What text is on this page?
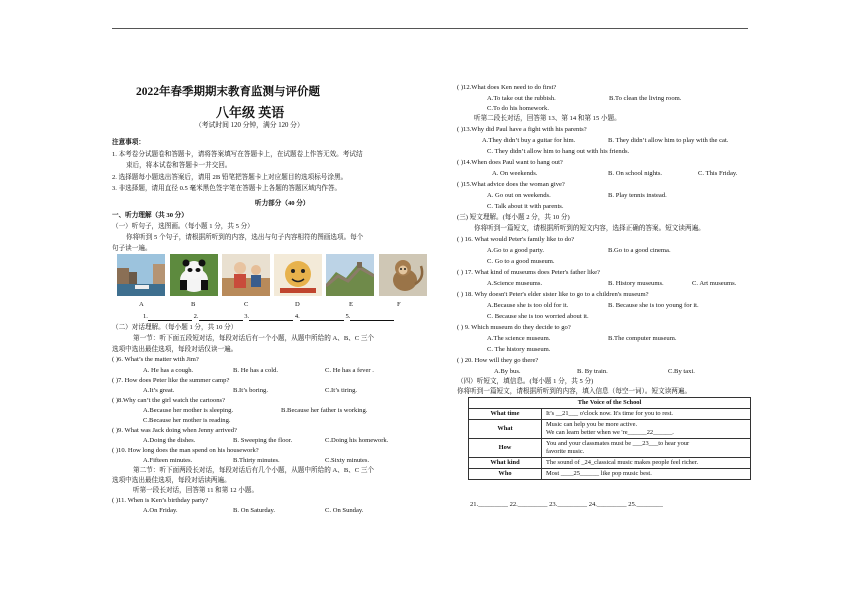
2022年春季期期末教育监测与评价题
八年级 英语
（考试时间 120 分钟，满分 120 分）
注意事项：
1. 本考卷分试题卷和答题卡，请将答案填写在答题卡上，在试题卷上作答无效。考试结
束后，将本试卷和答题卡一并交回。
2. 选择题每小题选出答案后，请用 2B 铅笔把答题卡上对应题目的选项标号涂黑。
3. 非选择题，请用直径 0.5 毫米黑色签字笔在答题卡上各题的答题区域内作答。
听力部分（40 分）
一、听力理解（共 30 分）
（一）听句子，选图画。（每小题 1 分，共 5 分）
你将听到 5 个句子，请根据所听到的内容，选出与句子内容相符的图画选项。每个
句子读一遍。
A	B	C	D	E	F
1.	2.	3.	4.	5.
（二）对话理解。（每小题 1 分，共 10 分）
第一节：听下面五段短对话，每段对话后有一个小题，从题中所给的 A、B、C 三个
选项中选出最佳选项，每段对话仅读一遍。
( )6. What’s the matter with Jim?
A. He has a cough.	B. He has a cold.	C. He has a fever .
( )7. How does Peter like the summer camp?
A.It’s great.	B.It’s boring.	C.It’s tiring.
( )8.Why can’t the girl watch the cartoons?
A.Because her mother is sleeping.	B.Because her father is working.
C.Because her mother is reading.
( )9. What was Jack doing when Jenny arrived?
A.Doing the dishes.	B. Sweeping the floor.	C.Doing his homework.
( )10. How long does the man spend on his housework?
A.Fifteen minutes.	B.Thirty minutes.	C.Sixty minutes.
第二节：听下面两段长对话，每段对话后有几个小题，从题中所给的 A、B、C 三个
选项中选出最佳选项，每段对话读两遍。
听第一段长对话，回答第 11 和第 12 小题。
( )11. When is Ken’s birthday party?
A.On Friday.	B. On Saturday.	C. On Sunday.
( )12.What does Ken need to do first?
A.To take out the rubbish.	B.To clean the living room.
C.To do his homework.
听第二段长对话，回答第 13、第 14 和第 15 小题。
( )13.Why did Paul have a fight with his parents?
A.They didn’t buy a guitar for him.	B. They didn’t allow him to play with the cat.
C. They didn’t allow him to hang out with his friends.
( )14.When does Paul want to hang out?
A. On weekends.	B. On school nights.	C. This Friday.
( )15.What advice does the woman give?
A. Go out on weekends.	B. Play tennis instead.
C. Talk about it with parents.
(三) 短文理解。(每小题 2 分，共 10 分)
你将听到一篇短文，请根据所听到的短文内容，选择正确的答案。短文读两遍。
( ) 16. What would Peter's family like to do?
A.Go to a good party.	B.Go to a good cinema.
C. Go to a good museum.
( ) 17. What kind of museums does Peter's father like?
A.Science museums.	B. History museums.	C. Art museums.
( ) 18. Why doesn't Peter's elder sister like to go to a children's museum?
A.Because she is too old for it.	B. Because she is too young for it.
C. Because she is too worried about it.
( ) 9. Which museum do they decide to go?
A.The science museum.	B.The computer museum.
C. The history museum.
( ) 20. How will they go there?
A.By bus.	B. By train.	C.By taxi.
（四）听短文，填信息。(每小题 1 分，共 5 分)
你将听到一篇短文，请根据所听到的内容，填入信息（每空一词）。短文读两遍。
The Voice of the School	
What time	It’s __21___ o'clock now. It's time for you to rest.
What	Music can help you be more active.
We can learn better when we 're______22______.
How	You and your classmates must be ___23___to hear your
favorite music.
What kind	The sound of _24_classical music makes people feel richer.
Who	Most ____25______ like pop music best.
21._________ 22._________ 23._________ 24._________ 25.________
